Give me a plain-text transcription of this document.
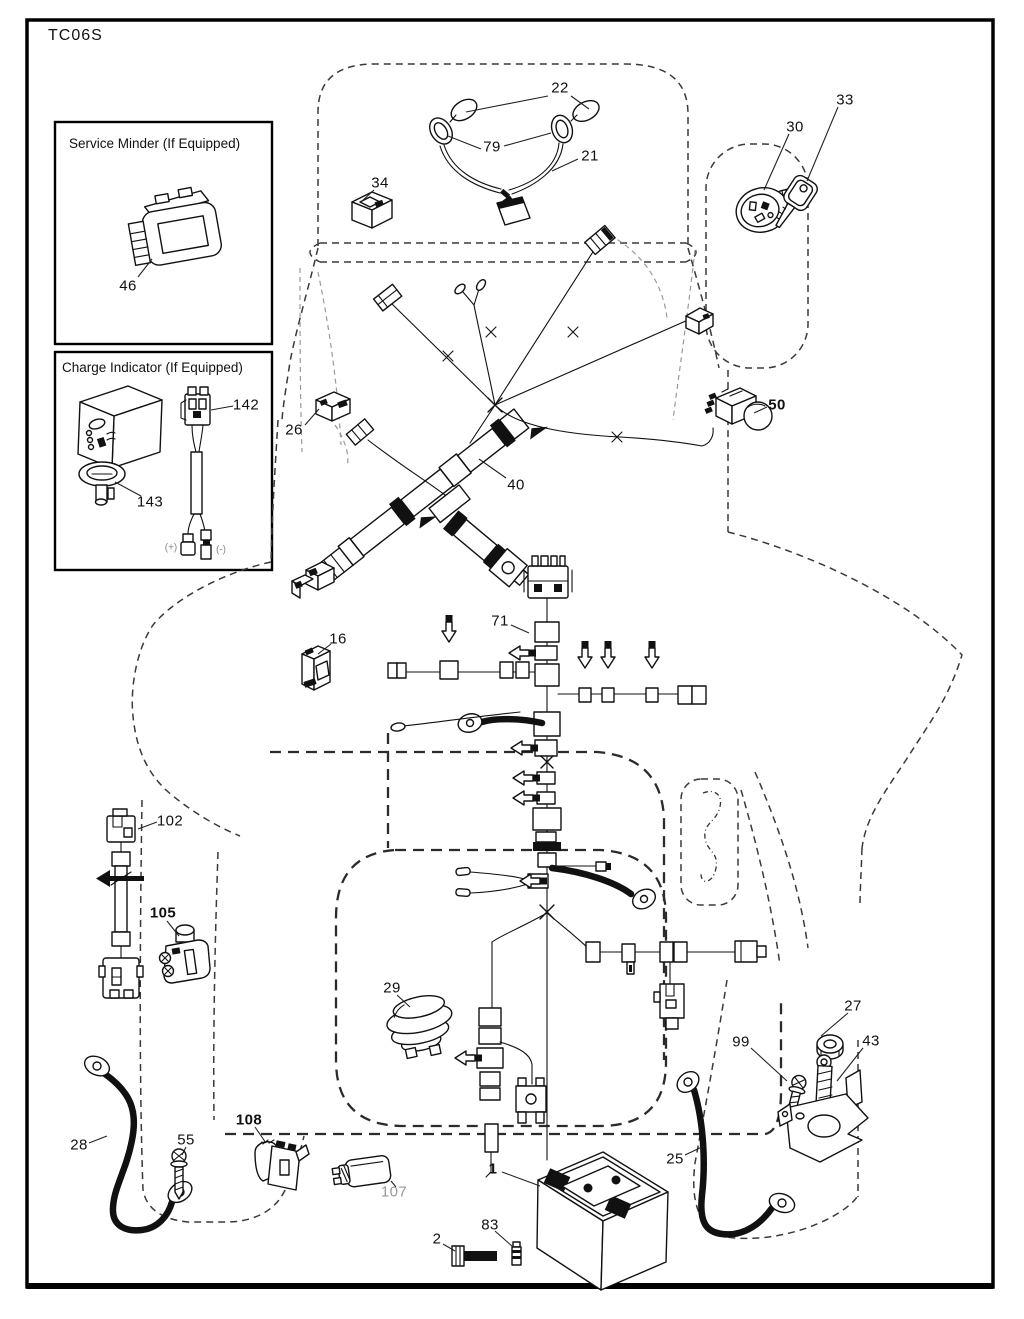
TC06S
Service Minder (If Equipped)
Charge Indicator (If Equipped)
(+)	(-)
22
79
21
33
30
34
46
142
26
143
40
50
16
71
102
105
29
27
99	43
108
55
28
25
107
1
2
83
